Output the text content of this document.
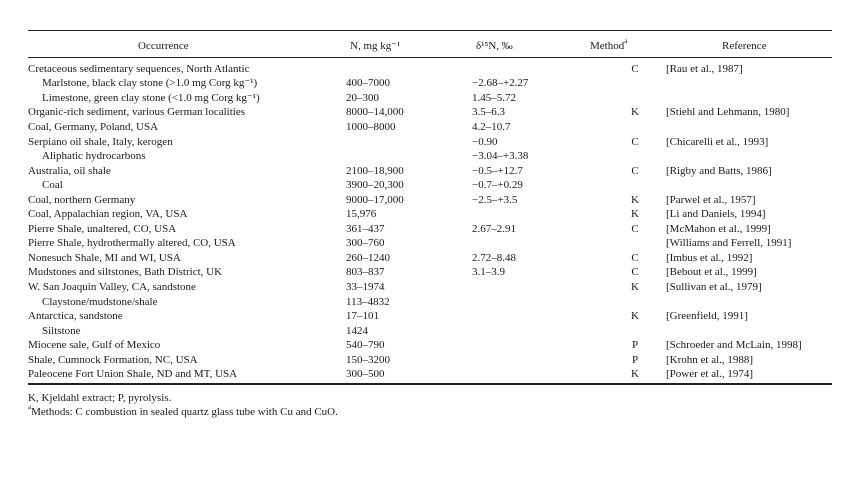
Occurrence	N, mg kg⁻¹	δ¹⁵N, ‰	Method$^a$	Reference
Cretaceous sedimentary sequences, North Atlantic			C	[Rau et al., 1987]
Marlstone, black clay stone (>1.0 mg Corg kg⁻¹)	400–7000	−2.68–+2.27		
Limestone, green clay stone (<1.0 mg Corg kg⁻¹)	20–300	1.45–5.72		
Organic-rich sediment, various German localities	8000–14,000	3.5–6.3	K	[Stiehl and Lehmann, 1980]
Coal, Germany, Poland, USA	1000–8000	4.2–10.7		
Serpiano oil shale, Italy, kerogen		−0.90	C	[Chicarelli et al., 1993]
Aliphatic hydrocarbons		−3.04–+3.38		
Australia, oil shale	2100–18,900	−0.5–+12.7	C	[Rigby and Batts, 1986]
Coal	3900–20,300	−0.7–+0.29		
Coal, northern Germany	9000–17,000	−2.5–+3.5	K	[Parwel et al., 1957]
Coal, Appalachian region, VA, USA	15,976		K	[Li and Daniels, 1994]
Pierre Shale, unaltered, CO, USA	361–437	2.67–2.91	C	[McMahon et al., 1999]
Pierre Shale, hydrothermally altered, CO, USA	300–760			[Williams and Ferrell, 1991]
Nonesuch Shale, MI and WI, USA	260–1240	2.72–8.48	C	[Imbus et al., 1992]
Mudstones and siltstones, Bath District, UK	803–837	3.1–3.9	C	[Bebout et al., 1999]
W. San Joaquin Valley, CA, sandstone	33–1974		K	[Sullivan et al., 1979]
Claystone/mudstone/shale	113–4832			
Antarctica, sandstone	17–101		K	[Greenfield, 1991]
Siltstone	1424			
Miocene sale, Gulf of Mexico	540–790		P	[Schroeder and McLain, 1998]
Shale, Cumnock Formation, NC, USA	150–3200		P	[Krohn et al., 1988]
Paleocene Fort Union Shale, ND and MT, USA	300–500		K	[Power et al., 1974]
K, Kjeldahl extract; P, pyrolysis.
$^a$Methods: C combustion in sealed quartz glass tube with Cu and CuO.
